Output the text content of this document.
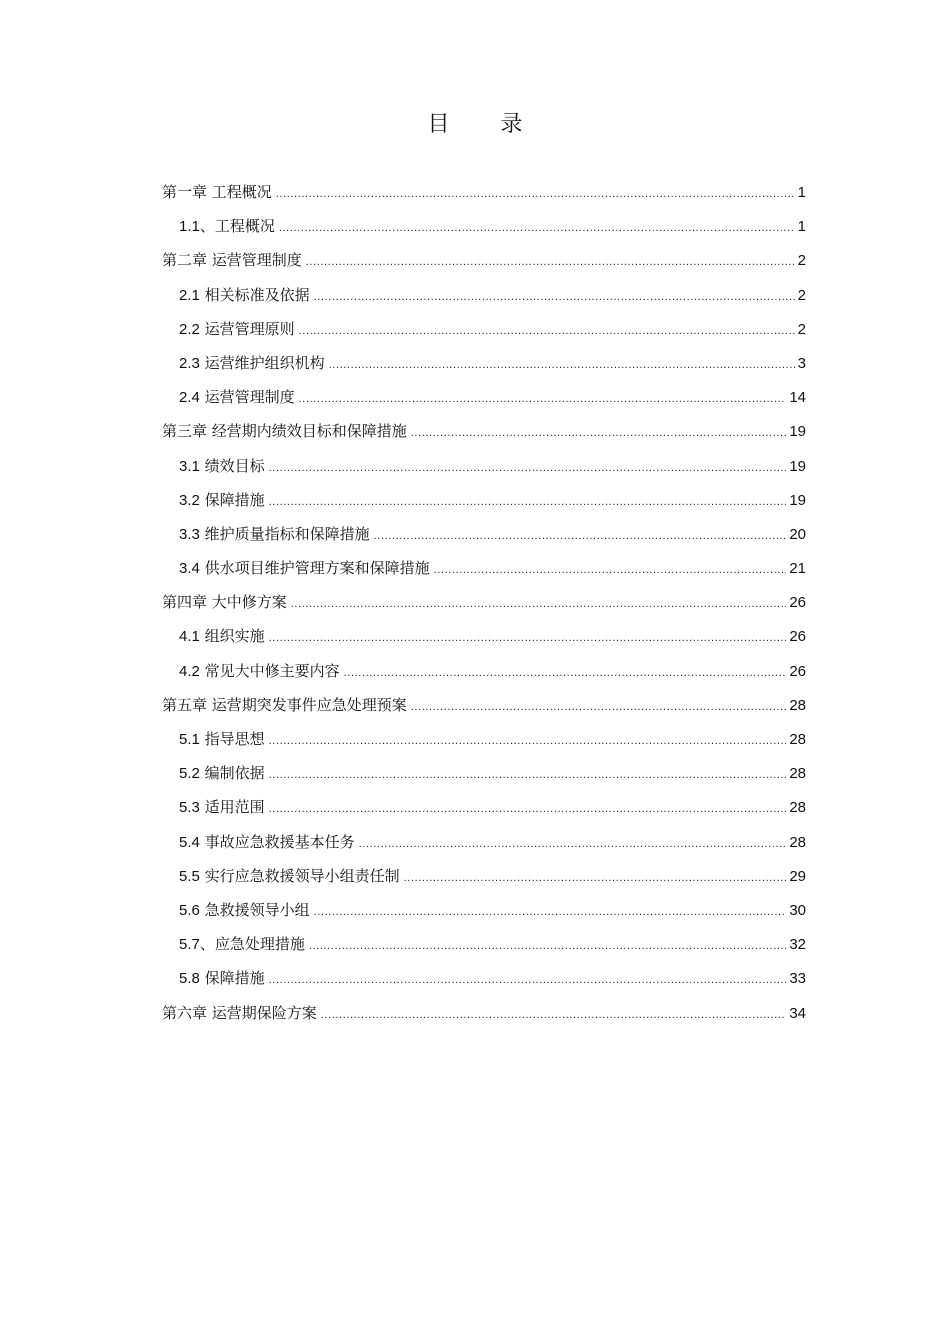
目 录
第一章 工程概况 .....	1
1.1、工程概况 .....	1
第二章 运营管理制度 .....	2
2.1 相关标准及依据 .....	2
2.2 运营管理原则 .....	2
2.3 运营维护组织机构 .....	3
2.4 运营管理制度 .....	14
第三章 经营期内绩效目标和保障措施 .....	19
3.1 绩效目标 .....	19
3.2 保障措施 .....	19
3.3 维护质量指标和保障措施 .....	20
3.4 供水项目维护管理方案和保障措施 .....	21
第四章 大中修方案 .....	26
4.1 组织实施 .....	26
4.2 常见大中修主要内容 .....	26
第五章 运营期突发事件应急处理预案 .....	28
5.1 指导思想 .....	28
5.2 编制依据 .....	28
5.3 适用范围 .....	28
5.4 事故应急救援基本任务 .....	28
5.5 实行应急救援领导小组责任制 .....	29
5.6 急救援领导小组 .....	30
5.7、应急处理措施 .....	32
5.8 保障措施 .....	33
第六章 运营期保险方案 .....	34
